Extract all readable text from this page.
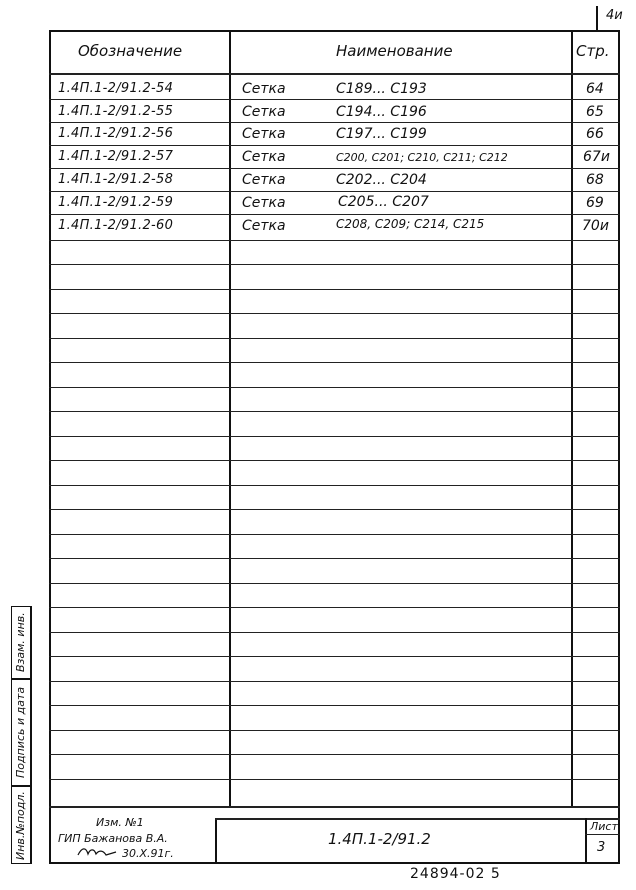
4и
Обозначение	Наименование	Стр.
1.4П.1-2/91.2-54	Сетка	С189... С193	64
1.4П.1-2/91.2-55	Сетка	С194... С196	65
1.4П.1-2/91.2-56	Сетка	С197... С199	66
1.4П.1-2/91.2-57	Сетка	С200, С201; С210, С211; С212	67и
1.4П.1-2/91.2-58	Сетка	С202... С204	68
1.4П.1-2/91.2-59	Сетка	С205... С207	69
1.4П.1-2/91.2-60	Сетка	С208, С209; С214, С215	70и
Изм. №1
ГИП Бажанова В.А.
30.X.91г.
1.4П.1-2/91.2
Лист
3
Взам. инв.
Подпись и дата
Инв.№подл.
24894-02 5
